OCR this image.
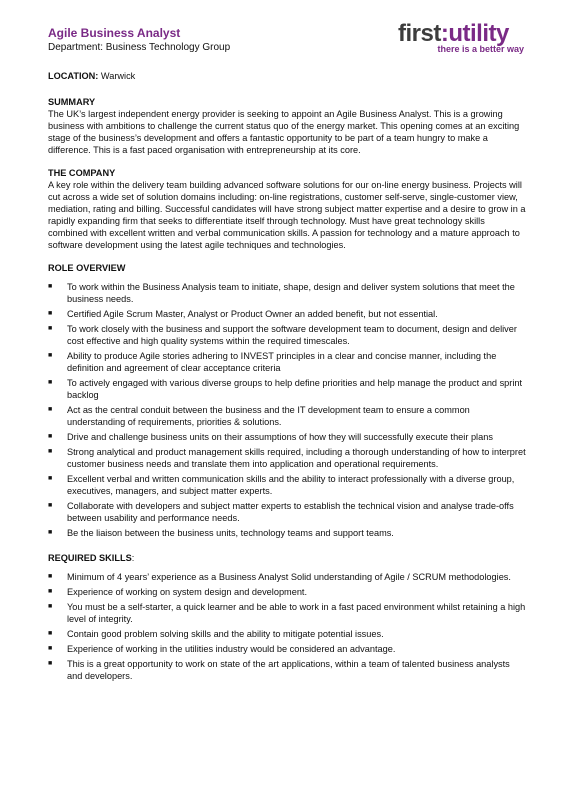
Agile Business Analyst
Department: Business Technology Group
first:utility
there is a better way
LOCATION: Warwick
SUMMARY

The UK’s largest independent energy provider is seeking to appoint an Agile Business Analyst. This is a growing business with ambitions to challenge the current status quo of the energy market. This opening comes at an exciting stage of the business’s development and offers a fantastic opportunity to be part of a team hungry to make a difference. This is a fast paced organisation with entrepreneurship at its core.

THE COMPANY

A key role within the delivery team building advanced software solutions for our on-line energy business. Projects will cut across a wide set of solution domains including: on-line registrations, customer self-serve, single-customer view, mediation, rating and billing. Successful candidates will have strong subject matter expertise and a desire to grow in a rapidly expanding firm that seeks to differentiate itself through technology. Must have great technology skills combined with excellent written and verbal communication skills. A passion for technology and a mature approach to software development using the latest agile techniques and technologies.

ROLE OVERVIEW
■ To work within the Business Analysis team to initiate, shape, design and deliver system solutions that meet the business needs.
■ Certified Agile Scrum Master, Analyst or Product Owner an added benefit, but not essential.
■ To work closely with the business and support the software development team to document, design and deliver cost effective and high quality systems within the required timescales.
■ Ability to produce Agile stories adhering to INVEST principles in a clear and concise manner, including the definition and agreement of clear acceptance criteria
■ To actively engaged with various diverse groups to help define priorities and help manage the product and sprint backlog
■ Act as the central conduit between the business and the IT development team to ensure a common understanding of requirements, priorities & solutions.
■ Drive and challenge business units on their assumptions of how they will successfully execute their plans
■ Strong analytical and product management skills required, including a thorough understanding of how to interpret customer business needs and translate them into application and operational requirements.
■ Excellent verbal and written communication skills and the ability to interact professionally with a diverse group, executives, managers, and subject matter experts.
■ Collaborate with developers and subject matter experts to establish the technical vision and analyse trade-offs between usability and performance needs.
■ Be the liaison between the business units, technology teams and support teams.
REQUIRED SKILLS:
■ Minimum of 4 years’ experience as a Business Analyst Solid understanding of Agile / SCRUM methodologies.
■ Experience of working on system design and development.
■ You must be a self-starter, a quick learner and be able to work in a fast paced environment whilst retaining a high level of integrity.
■ Contain good problem solving skills and the ability to mitigate potential issues.
■ Experience of working in the utilities industry would be considered an advantage.
■ This is a great opportunity to work on state of the art applications, within a team of talented business analysts and developers.
